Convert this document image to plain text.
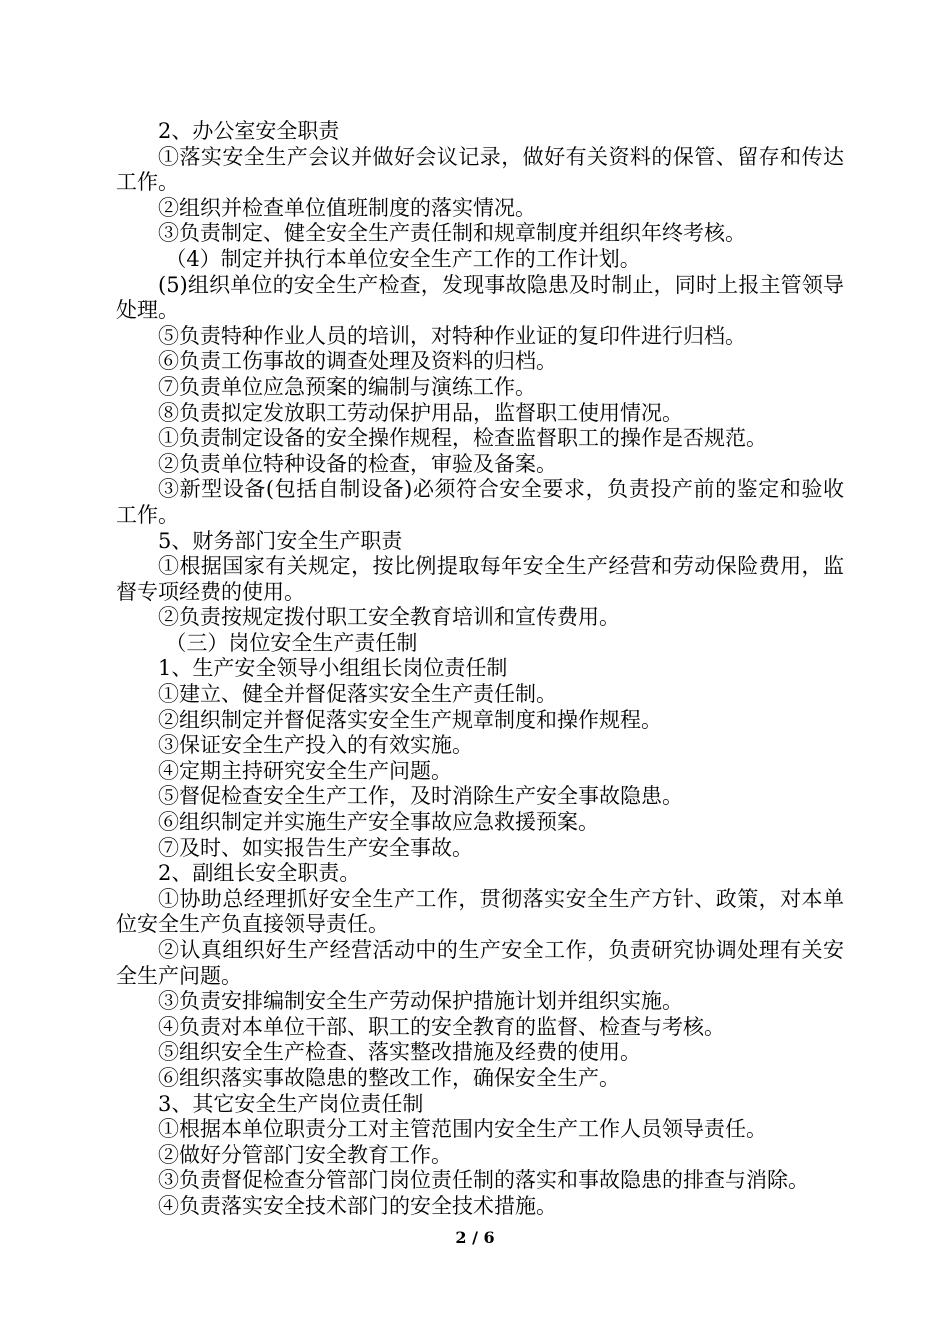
2、办公室安全职责

①落实安全生产会议并做好会议记录，做好有关资料的保管、留存和传达工作。

②组织并检查单位值班制度的落实情况。

③负责制定、健全安全生产责任制和规章制度并组织年终考核。

（4）制定并执行本单位安全生产工作的工作计划。

(5)组织单位的安全生产检查，发现事故隐患及时制止，同时上报主管领导处理。

⑤负责特种作业人员的培训，对特种作业证的复印件进行归档。

⑥负责工伤事故的调查处理及资料的归档。

⑦负责单位应急预案的编制与演练工作。

⑧负责拟定发放职工劳动保护用品，监督职工使用情况。

①负责制定设备的安全操作规程，检查监督职工的操作是否规范。

②负责单位特种设备的检查，审验及备案。

③新型设备(包括自制设备)必须符合安全要求，负责投产前的鉴定和验收工作。

5、财务部门安全生产职责

①根据国家有关规定，按比例提取每年安全生产经营和劳动保险费用，监督专项经费的使用。

②负责按规定拨付职工安全教育培训和宣传费用。

（三）岗位安全生产责任制

1、生产安全领导小组组长岗位责任制

①建立、健全并督促落实安全生产责任制。

②组织制定并督促落实安全生产规章制度和操作规程。

③保证安全生产投入的有效实施。

④定期主持研究安全生产问题。

⑤督促检查安全生产工作，及时消除生产安全事故隐患。

⑥组织制定并实施生产安全事故应急救援预案。

⑦及时、如实报告生产安全事故。

2、副组长安全职责。

①协助总经理抓好安全生产工作，贯彻落实安全生产方针、政策，对本单位安全生产负直接领导责任。

②认真组织好生产经营活动中的生产安全工作，负责研究协调处理有关安全生产问题。

③负责安排编制安全生产劳动保护措施计划并组织实施。

④负责对本单位干部、职工的安全教育的监督、检查与考核。

⑤组织安全生产检查、落实整改措施及经费的使用。

⑥组织落实事故隐患的整改工作，确保安全生产。

3、其它安全生产岗位责任制

①根据本单位职责分工对主管范围内安全生产工作人员领导责任。

②做好分管部门安全教育工作。

③负责督促检查分管部门岗位责任制的落实和事故隐患的排查与消除。

④负责落实安全技术部门的安全技术措施。

2 / 6
